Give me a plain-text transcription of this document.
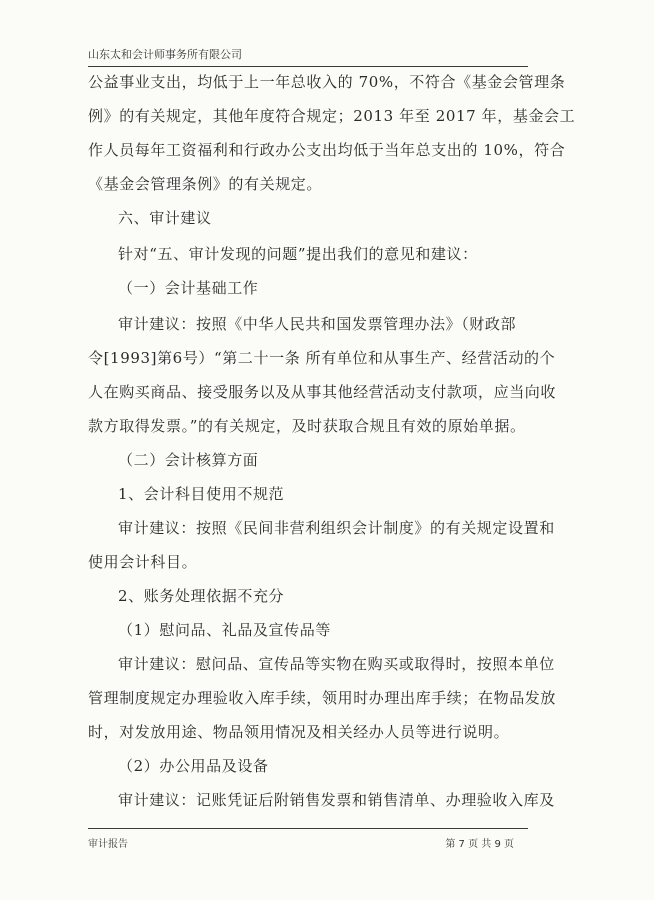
山东太和会计师事务所有限公司
公益事业支出，均低于上一年总收入的 70%，不符合《基金会管理条
例》的有关规定，其他年度符合规定；2013 年至 2017 年，基金会工
作人员每年工资福利和行政办公支出均低于当年总支出的 10%，符合
《基金会管理条例》的有关规定。
六、审计建议
针对“五、审计发现的问题”提出我们的意见和建议：
（一）会计基础工作
审计建议：按照《中华人民共和国发票管理办法》（财政部
令[1993]第6号）“第二十一条 所有单位和从事生产、经营活动的个
人在购买商品、接受服务以及从事其他经营活动支付款项，应当向收
款方取得发票。”的有关规定，及时获取合规且有效的原始单据。
（二）会计核算方面
1、会计科目使用不规范
审计建议：按照《民间非营利组织会计制度》的有关规定设置和
使用会计科目。
2、账务处理依据不充分
（1）慰问品、礼品及宣传品等
审计建议：慰问品、宣传品等实物在购买或取得时，按照本单位
管理制度规定办理验收入库手续，领用时办理出库手续；在物品发放
时，对发放用途、物品领用情况及相关经办人员等进行说明。
（2）办公用品及设备
审计建议：记账凭证后附销售发票和销售清单、办理验收入库及
审计报告	第 7 页 共 9 页
